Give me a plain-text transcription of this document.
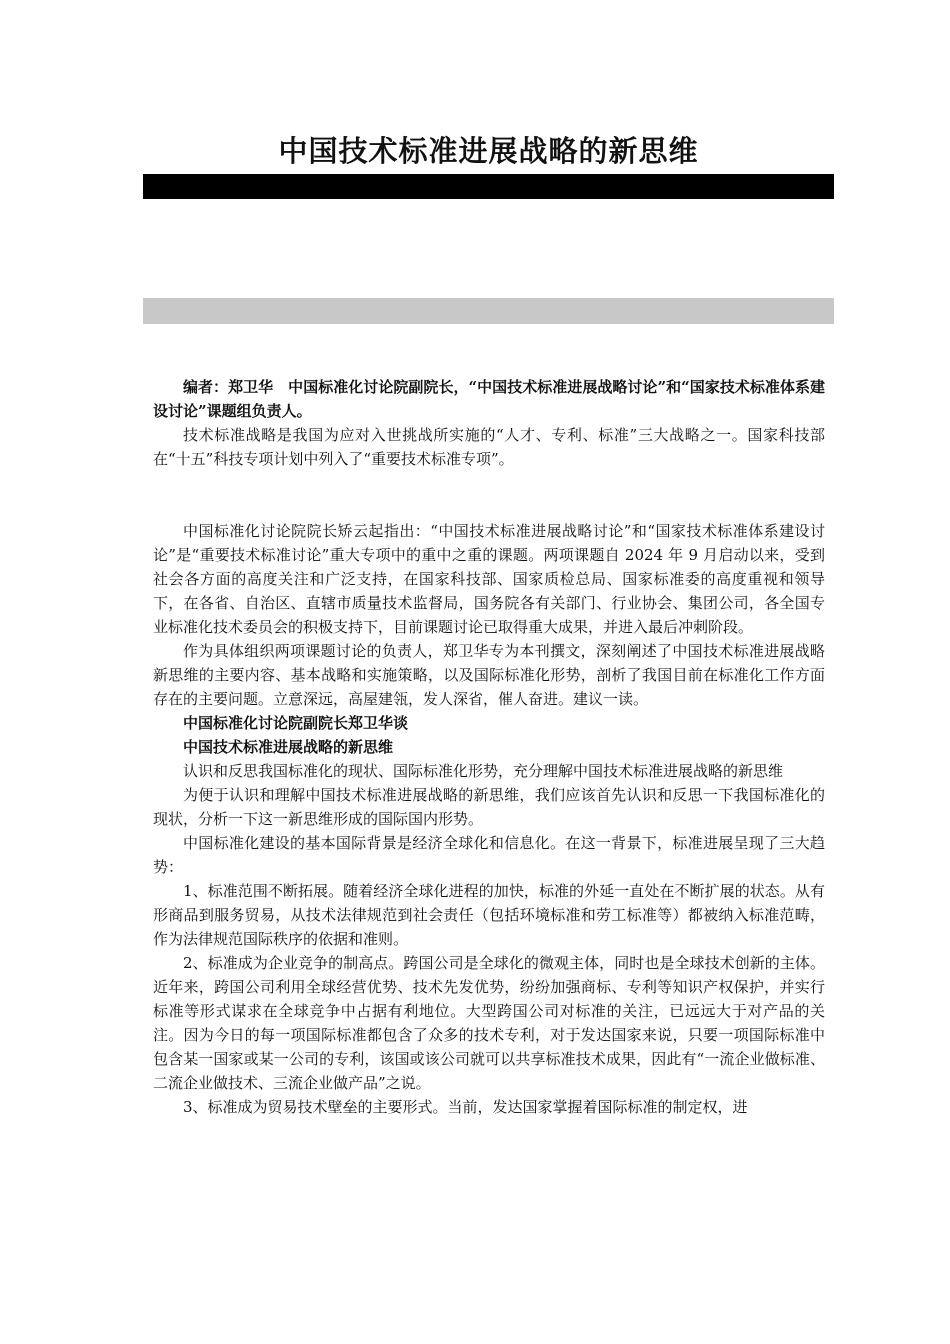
中国技术标准进展战略的新思维

编者：郑卫华　中国标准化讨论院副院长，“中国技术标准进展战略讨论”和“国家技术标准体系建设讨论”课题组负责人。

技术标准战略是我国为应对入世挑战所实施的“人才、专利、标准”三大战略之一。国家科技部在“十五”科技专项计划中列入了“重要技术标准专项”。

中国标准化讨论院院长矫云起指出：“中国技术标准进展战略讨论”和“国家技术标准体系建设讨论”是“重要技术标准讨论”重大专项中的重中之重的课题。两项课题自 2024 年 9 月启动以来，受到社会各方面的高度关注和广泛支持，在国家科技部、国家质检总局、国家标准委的高度重视和领导下，在各省、自治区、直辖市质量技术监督局，国务院各有关部门、行业协会、集团公司，各全国专业标准化技术委员会的积极支持下，目前课题讨论已取得重大成果，并进入最后冲刺阶段。

作为具体组织两项课题讨论的负责人，郑卫华专为本刊撰文，深刻阐述了中国技术标准进展战略新思维的主要内容、基本战略和实施策略，以及国际标准化形势，剖析了我国目前在标准化工作方面存在的主要问题。立意深远，高屋建瓴，发人深省，催人奋进。建议一读。

中国标准化讨论院副院长郑卫华谈

中国技术标准进展战略的新思维

认识和反思我国标准化的现状、国际标准化形势，充分理解中国技术标准进展战略的新思维

为便于认识和理解中国技术标准进展战略的新思维，我们应该首先认识和反思一下我国标准化的现状，分析一下这一新思维形成的国际国内形势。

中国标准化建设的基本国际背景是经济全球化和信息化。在这一背景下，标准进展呈现了三大趋势：

1、标准范围不断拓展。随着经济全球化进程的加快，标准的外延一直处在不断扩展的状态。从有形商品到服务贸易，从技术法律规范到社会责任（包括环境标准和劳工标准等）都被纳入标准范畴，作为法律规范国际秩序的依据和准则。

2、标准成为企业竞争的制高点。跨国公司是全球化的微观主体，同时也是全球技术创新的主体。近年来，跨国公司利用全球经营优势、技术先发优势，纷纷加强商标、专利等知识产权保护，并实行标准等形式谋求在全球竞争中占据有利地位。大型跨国公司对标准的关注，已远远大于对产品的关注。因为今日的每一项国际标准都包含了众多的技术专利，对于发达国家来说，只要一项国际标准中包含某一国家或某一公司的专利，该国或该公司就可以共享标准技术成果，因此有“一流企业做标准、二流企业做技术、三流企业做产品”之说。

3、标准成为贸易技术壁垒的主要形式。当前，发达国家掌握着国际标准的制定权，进
